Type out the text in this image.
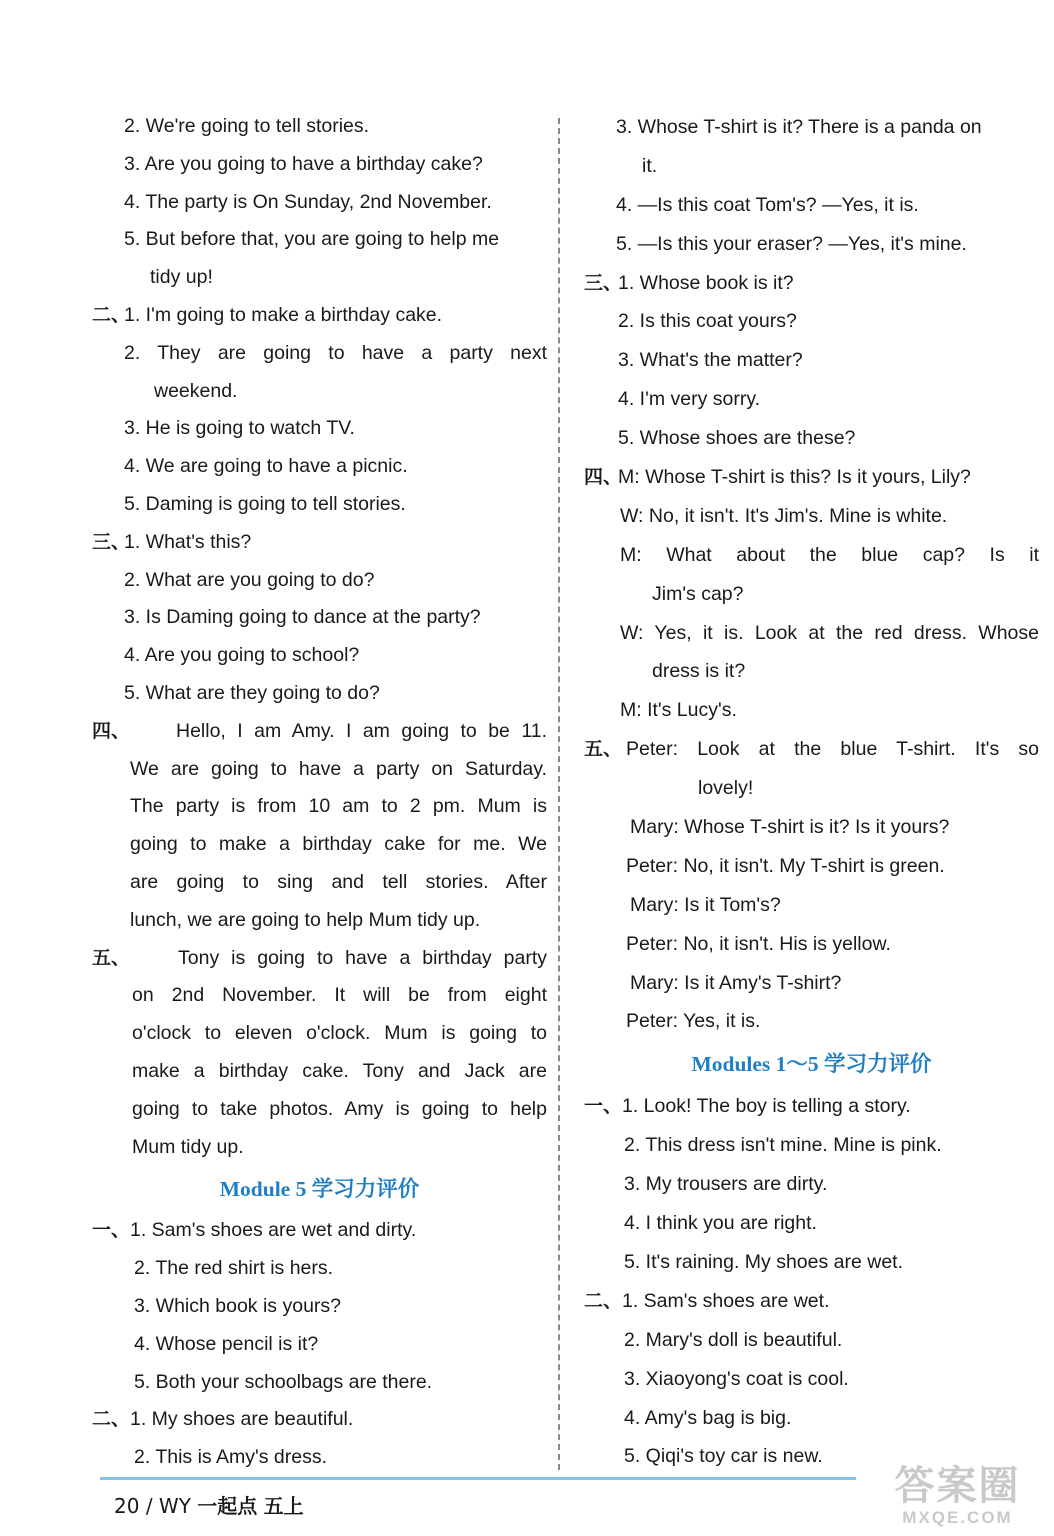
2. We're going to tell stories.
3. Are you going to have a birthday cake?
4. The party is On Sunday, 2nd November.
5. But before that, you are going to help me
tidy up!
二、
1. I'm going to make a birthday cake.
2. They are going to have a party next
weekend.
3. He is going to watch TV.
4. We are going to have a picnic.
5. Daming is going to tell stories.
三、
1. What's this?
2. What are you going to do?
3. Is Daming going to dance at the party?
4. Are you going to school?
5. What are they going to do?
四、 Hello, I am Amy. I am going to be 11.
We are going to have a party on Saturday.
The party is from 10 am to 2 pm. Mum is
going to make a birthday cake for me. We
are going to sing and tell stories. After
lunch, we are going to help Mum tidy up.
五、 Tony is going to have a birthday party
on 2nd November. It will be from eight
o'clock to eleven o'clock. Mum is going to
make a birthday cake. Tony and Jack are
going to take photos. Amy is going to help
Mum tidy up.
Module 5 学习力评价
一、 1. Sam's shoes are wet and dirty.
2. The red shirt is hers.
3. Which book is yours?
4. Whose pencil is it?
5. Both your schoolbags are there.
二、 1. My shoes are beautiful.
2. This is Amy's dress.
3. Whose T-shirt is it? There is a panda on
it.
4. —Is this coat Tom's? —Yes, it is.
5. —Is this your eraser? —Yes, it's mine.
三、
1. Whose book is it?
2. Is this coat yours?
3. What's the matter?
4. I'm very sorry.
5. Whose shoes are these?
四、
M: Whose T-shirt is this? Is it yours, Lily?
W: No, it isn't. It's Jim's. Mine is white.
M: What about the blue cap? Is it
Jim's cap?
W: Yes, it is. Look at the red dress. Whose
dress is it?
M: It's Lucy's.
五、 Peter: Look at the blue T-shirt. It's so
lovely!
Mary: Whose T-shirt is it? Is it yours?
Peter: No, it isn't. My T-shirt is green.
Mary: Is it Tom's?
Peter: No, it isn't. His is yellow.
Mary: Is it Amy's T-shirt?
Peter: Yes, it is.
Modules 1～5 学习力评价
一、 1. Look! The boy is telling a story.
2. This dress isn't mine. Mine is pink.
3. My trousers are dirty.
4. I think you are right.
5. It's raining. My shoes are wet.
二、 1. Sam's shoes are wet.
2. Mary's doll is beautiful.
3. Xiaoyong's coat is cool.
4. Amy's bag is big.
5. Qiqi's toy car is new.
20 / WY 一起点 五上	答案圈
MXQE.COM
